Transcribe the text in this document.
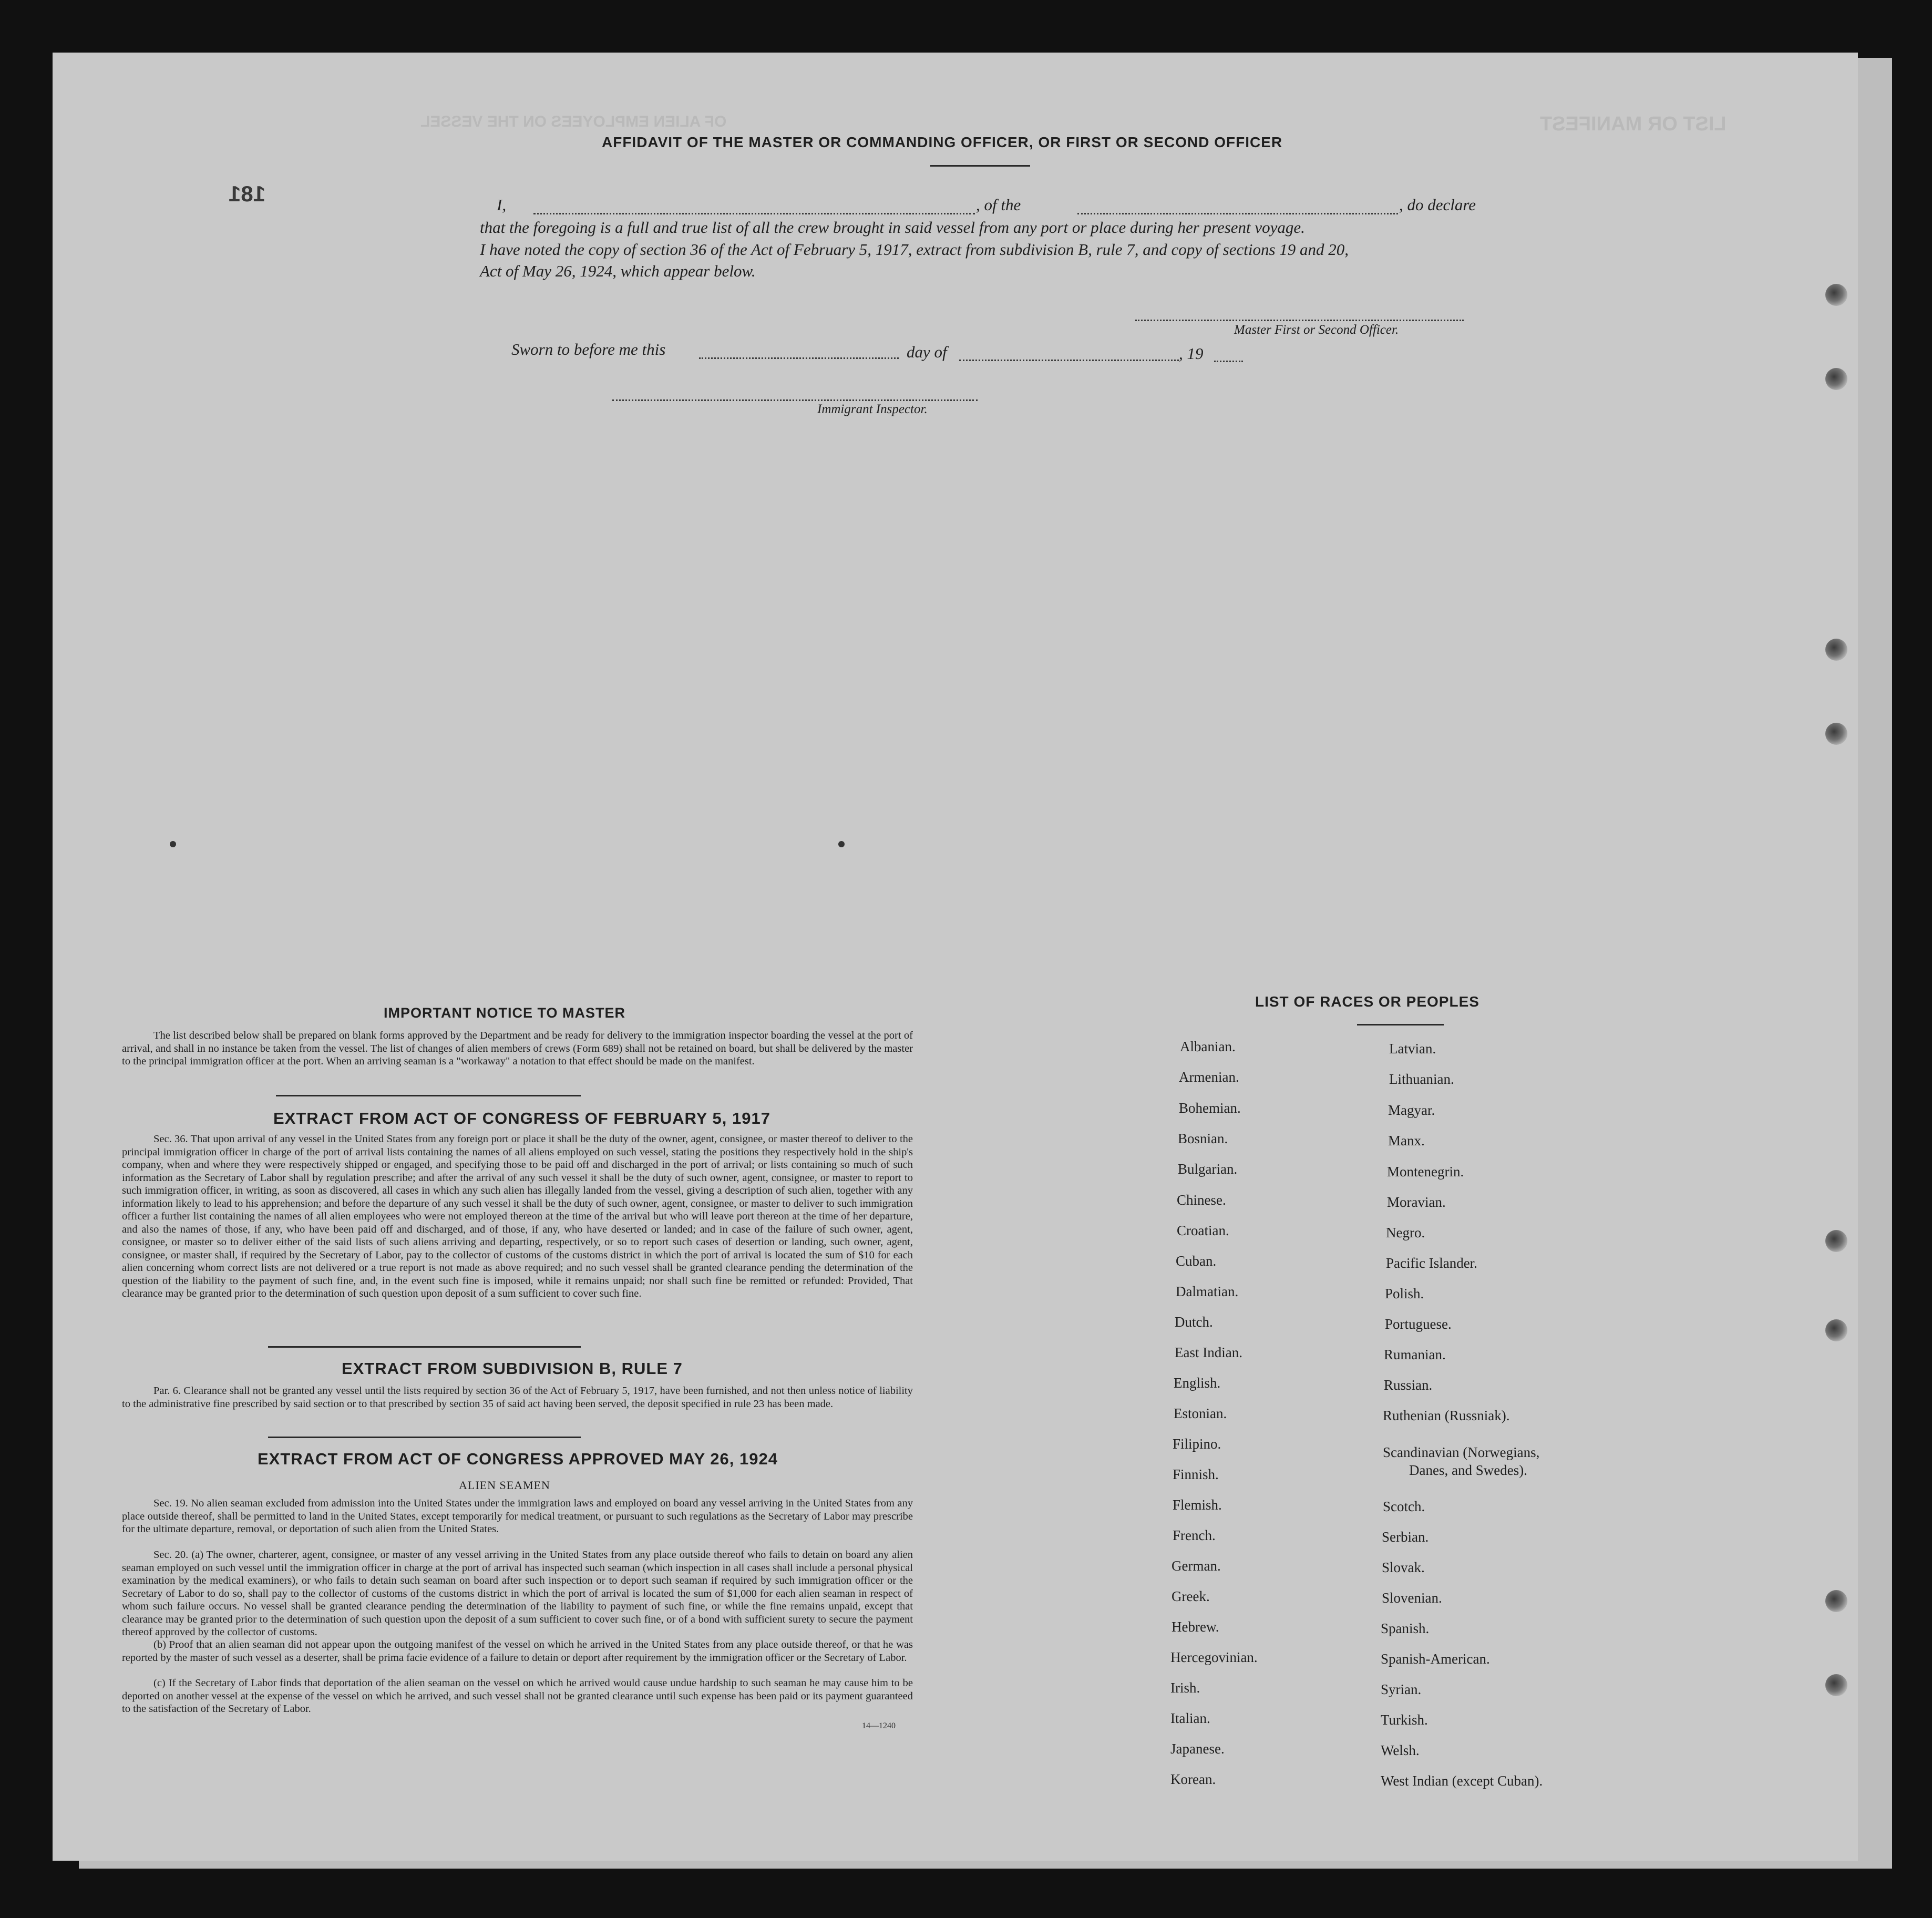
LIST OR MANIFEST
OF ALIEN EMPLOYEES ON THE VESSEL
181
AFFIDAVIT OF THE MASTER OR COMMANDING OFFICER, OR FIRST OR SECOND OFFICER
I,	, of the	, do declare
that the foregoing is a full and true list of all the crew brought in said vessel from any port or place during her present voyage.
I have noted the copy of section 36 of the Act of February 5, 1917, extract from subdivision B, rule 7, and copy of sections 19 and 20,
Act of May 26, 1924, which appear below.
Master First or Second Officer.
Sworn to before me this	day of	, 19
Immigrant Inspector.
IMPORTANT NOTICE TO MASTER
The list described below shall be prepared on blank forms approved by the Department and be ready for delivery to the immigration inspector boarding the vessel at the port of arrival, and shall in no instance be taken from the vessel. The list of changes of alien members of crews (Form 689) shall not be retained on board, but shall be delivered by the master to the principal immigration officer at the port. When an arriving seaman is a "workaway" a notation to that effect should be made on the manifest.
EXTRACT FROM ACT OF CONGRESS OF FEBRUARY 5, 1917
Sec. 36. That upon arrival of any vessel in the United States from any foreign port or place it shall be the duty of the owner, agent, consignee, or master thereof to deliver to the principal immigration officer in charge of the port of arrival lists containing the names of all aliens employed on such vessel, stating the positions they respectively hold in the ship's company, when and where they were respectively shipped or engaged, and specifying those to be paid off and discharged in the port of arrival; or lists containing so much of such information as the Secretary of Labor shall by regulation prescribe; and after the arrival of any such vessel it shall be the duty of such owner, agent, consignee, or master to report to such immigration officer, in writing, as soon as discovered, all cases in which any such alien has illegally landed from the vessel, giving a description of such alien, together with any information likely to lead to his apprehension; and before the departure of any such vessel it shall be the duty of such owner, agent, consignee, or master to deliver to such immigration officer a further list containing the names of all alien employees who were not employed thereon at the time of the arrival but who will leave port thereon at the time of her departure, and also the names of those, if any, who have been paid off and discharged, and of those, if any, who have deserted or landed; and in case of the failure of such owner, agent, consignee, or master so to deliver either of the said lists of such aliens arriving and departing, respectively, or so to report such cases of desertion or landing, such owner, agent, consignee, or master shall, if required by the Secretary of Labor, pay to the collector of customs of the customs district in which the port of arrival is located the sum of $10 for each alien concerning whom correct lists are not delivered or a true report is not made as above required; and no such vessel shall be granted clearance pending the determination of the question of the liability to the payment of such fine, and, in the event such fine is imposed, while it remains unpaid; nor shall such fine be remitted or refunded: Provided, That clearance may be granted prior to the determination of such question upon deposit of a sum sufficient to cover such fine.
EXTRACT FROM SUBDIVISION B, RULE 7
Par. 6. Clearance shall not be granted any vessel until the lists required by section 36 of the Act of February 5, 1917, have been furnished, and not then unless notice of liability to the administrative fine prescribed by said section or to that prescribed by section 35 of said act having been served, the deposit specified in rule 23 has been made.
EXTRACT FROM ACT OF CONGRESS APPROVED MAY 26, 1924
ALIEN SEAMEN
Sec. 19. No alien seaman excluded from admission into the United States under the immigration laws and employed on board any vessel arriving in the United States from any place outside thereof, shall be permitted to land in the United States, except temporarily for medical treatment, or pursuant to such regulations as the Secretary of Labor may prescribe for the ultimate departure, removal, or deportation of such alien from the United States.
Sec. 20. (a) The owner, charterer, agent, consignee, or master of any vessel arriving in the United States from any place outside thereof who fails to detain on board any alien seaman employed on such vessel until the immigration officer in charge at the port of arrival has inspected such seaman (which inspection in all cases shall include a personal physical examination by the medical examiners), or who fails to detain such seaman on board after such inspection or to deport such seaman if required by such immigration officer or the Secretary of Labor to do so, shall pay to the collector of customs of the customs district in which the port of arrival is located the sum of $1,000 for each alien seaman in respect of whom such failure occurs. No vessel shall be granted clearance pending the determination of the liability to payment of such fine, or while the fine remains unpaid, except that clearance may be granted prior to the determination of such question upon the deposit of a sum sufficient to cover such fine, or of a bond with sufficient surety to secure the payment thereof approved by the collector of customs.
(b) Proof that an alien seaman did not appear upon the outgoing manifest of the vessel on which he arrived in the United States from any place outside thereof, or that he was reported by the master of such vessel as a deserter, shall be prima facie evidence of a failure to detain or deport after requirement by the immigration officer or the Secretary of Labor.
(c) If the Secretary of Labor finds that deportation of the alien seaman on the vessel on which he arrived would cause undue hardship to such seaman he may cause him to be deported on another vessel at the expense of the vessel on which he arrived, and such vessel shall not be granted clearance until such expense has been paid or its payment guaranteed to the satisfaction of the Secretary of Labor.
14—1240
LIST OF RACES OR PEOPLES
Albanian.
Armenian.
Bohemian.
Bosnian.
Bulgarian.
Chinese.
Croatian.
Cuban.
Dalmatian.
Dutch.
East Indian.
English.
Estonian.
Filipino.
Finnish.
Flemish.
French.
German.
Greek.
Hebrew.
Hercegovinian.
Irish.
Italian.
Japanese.
Korean.
Latvian.
Lithuanian.
Magyar.
Manx.
Montenegrin.
Moravian.
Negro.
Pacific Islander.
Polish.
Portuguese.
Rumanian.
Russian.
Ruthenian (Russniak).
Scandinavian (Norwegians,
Danes, and Swedes).
Scotch.
Serbian.
Slovak.
Slovenian.
Spanish.
Spanish-American.
Syrian.
Turkish.
Welsh.
West Indian (except Cuban).
